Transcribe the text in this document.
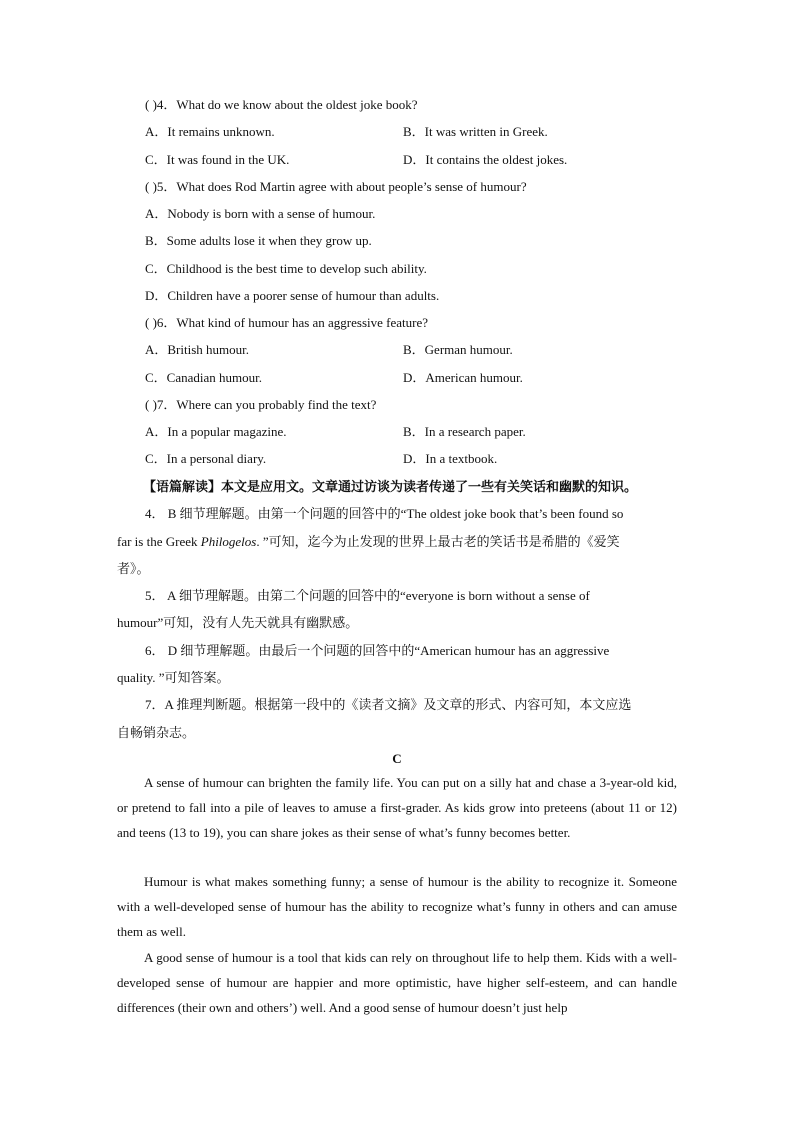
( )4．What do we know about the oldest joke book?
A．It remains unknown.	B．It was written in Greek.
C．It was found in the UK.	D．It contains the oldest jokes.
( )5．What does Rod Martin agree with about people’s sense of humour?
A．Nobody is born with a sense of humour.
B．Some adults lose it when they grow up.
C．Childhood is the best time to develop such ability.
D．Children have a poorer sense of humour than adults.
( )6．What kind of humour has an aggressive feature?
A．British humour.	B．German humour.
C．Canadian humour.	D．American humour.
( )7．Where can you probably find the text?
A．In a popular magazine.	B．In a research paper.
C．In a personal diary.	D．In a textbook.
【语篇解读】本文是应用文。文章通过访谈为读者传递了一些有关笑话和幽默的知识。
4． B 细节理解题。由第一个问题的回答中的“The oldest joke book that’s been found so
far is the Greek Philogelos. ”可知，迄今为止发现的世界上最古老的笑话书是希腊的《爱笑
者》。
5． A 细节理解题。由第二个问题的回答中的“everyone is born without a sense of
humour”可知，没有人先天就具有幽默感。
6． D 细节理解题。由最后一个问题的回答中的“American humour has an aggressive
quality. ”可知答案。
7．A 推理判断题。根据第一段中的《读者文摘》及文章的形式、内容可知，本文应选
自畅销杂志。
C
A sense of humour can brighten the family life. You can put on a silly hat and chase a 3-year-old kid, or pretend to fall into a pile of leaves to amuse a first-grader. As kids grow into preteens (about 11 or 12) and teens (13 to 19), you can share jokes as their sense of what’s funny becomes better.
Humour is what makes something funny; a sense of humour is the ability to recognize it. Someone with a well-developed sense of humour has the ability to recognize what’s funny in others and can amuse them as well.
A good sense of humour is a tool that kids can rely on throughout life to help them. Kids with a well-developed sense of humour are happier and more optimistic, have higher self-esteem, and can handle differences (their own and others’) well. And a good sense of humour doesn’t just help
